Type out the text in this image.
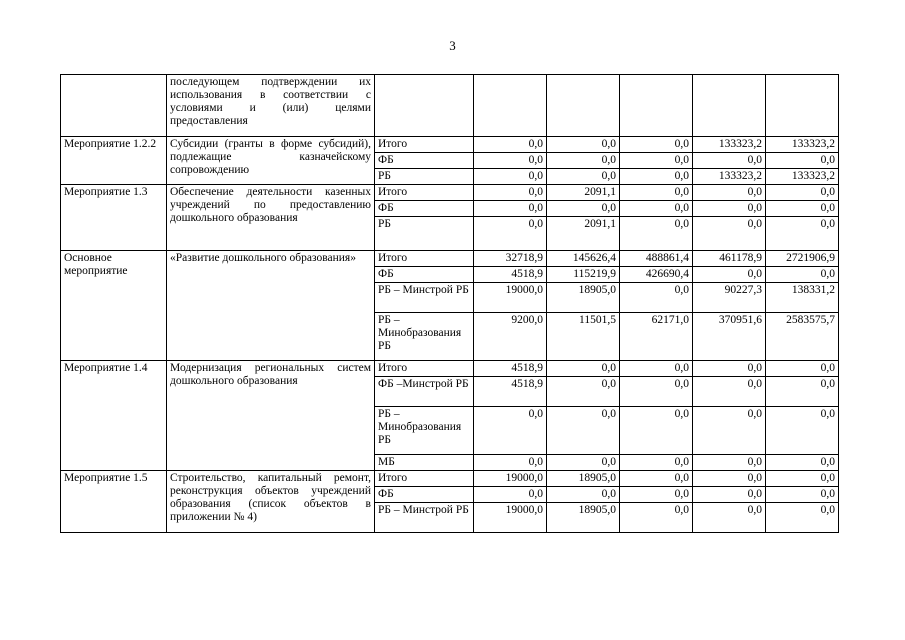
3
	последующем подтверждении их использования в соответствии с условиями и (или) целями предоставления						
Мероприятие 1.2.2	Субсидии (гранты в форме субсидий), подлежащие казначейскому сопровождению	Итого	0,0	0,0	0,0	133323,2	133323,2
		ФБ	0,0	0,0	0,0	0,0	0,0
		РБ	0,0	0,0	0,0	133323,2	133323,2
Мероприятие 1.3	Обеспечение деятельности казенных учреждений по предоставлению дошкольного образования	Итого	0,0	2091,1	0,0	0,0	0,0
		ФБ	0,0	0,0	0,0	0,0	0,0
		РБ	0,0	2091,1	0,0	0,0	0,0
Основное мероприятие	«Развитие дошкольного образования»	Итого	32718,9	145626,4	488861,4	461178,9	2721906,9
		ФБ	4518,9	115219,9	426690,4	0,0	0,0
		РБ – Минстрой РБ	19000,0	18905,0	0,0	90227,3	138331,2
		РБ – Минобразования РБ	9200,0	11501,5	62171,0	370951,6	2583575,7
Мероприятие 1.4	Модернизация региональных систем дошкольного образования	Итого	4518,9	0,0	0,0	0,0	0,0
		ФБ –Минстрой РБ	4518,9	0,0	0,0	0,0	0,0
		РБ – Минобразования РБ	0,0	0,0	0,0	0,0	0,0
		МБ	0,0	0,0	0,0	0,0	0,0
Мероприятие 1.5	Строительство, капитальный ремонт, реконструкция объектов учреждений образования (список объектов в приложении № 4)	Итого	19000,0	18905,0	0,0	0,0	0,0
		ФБ	0,0	0,0	0,0	0,0	0,0
		РБ – Минстрой РБ	19000,0	18905,0	0,0	0,0	0,0
